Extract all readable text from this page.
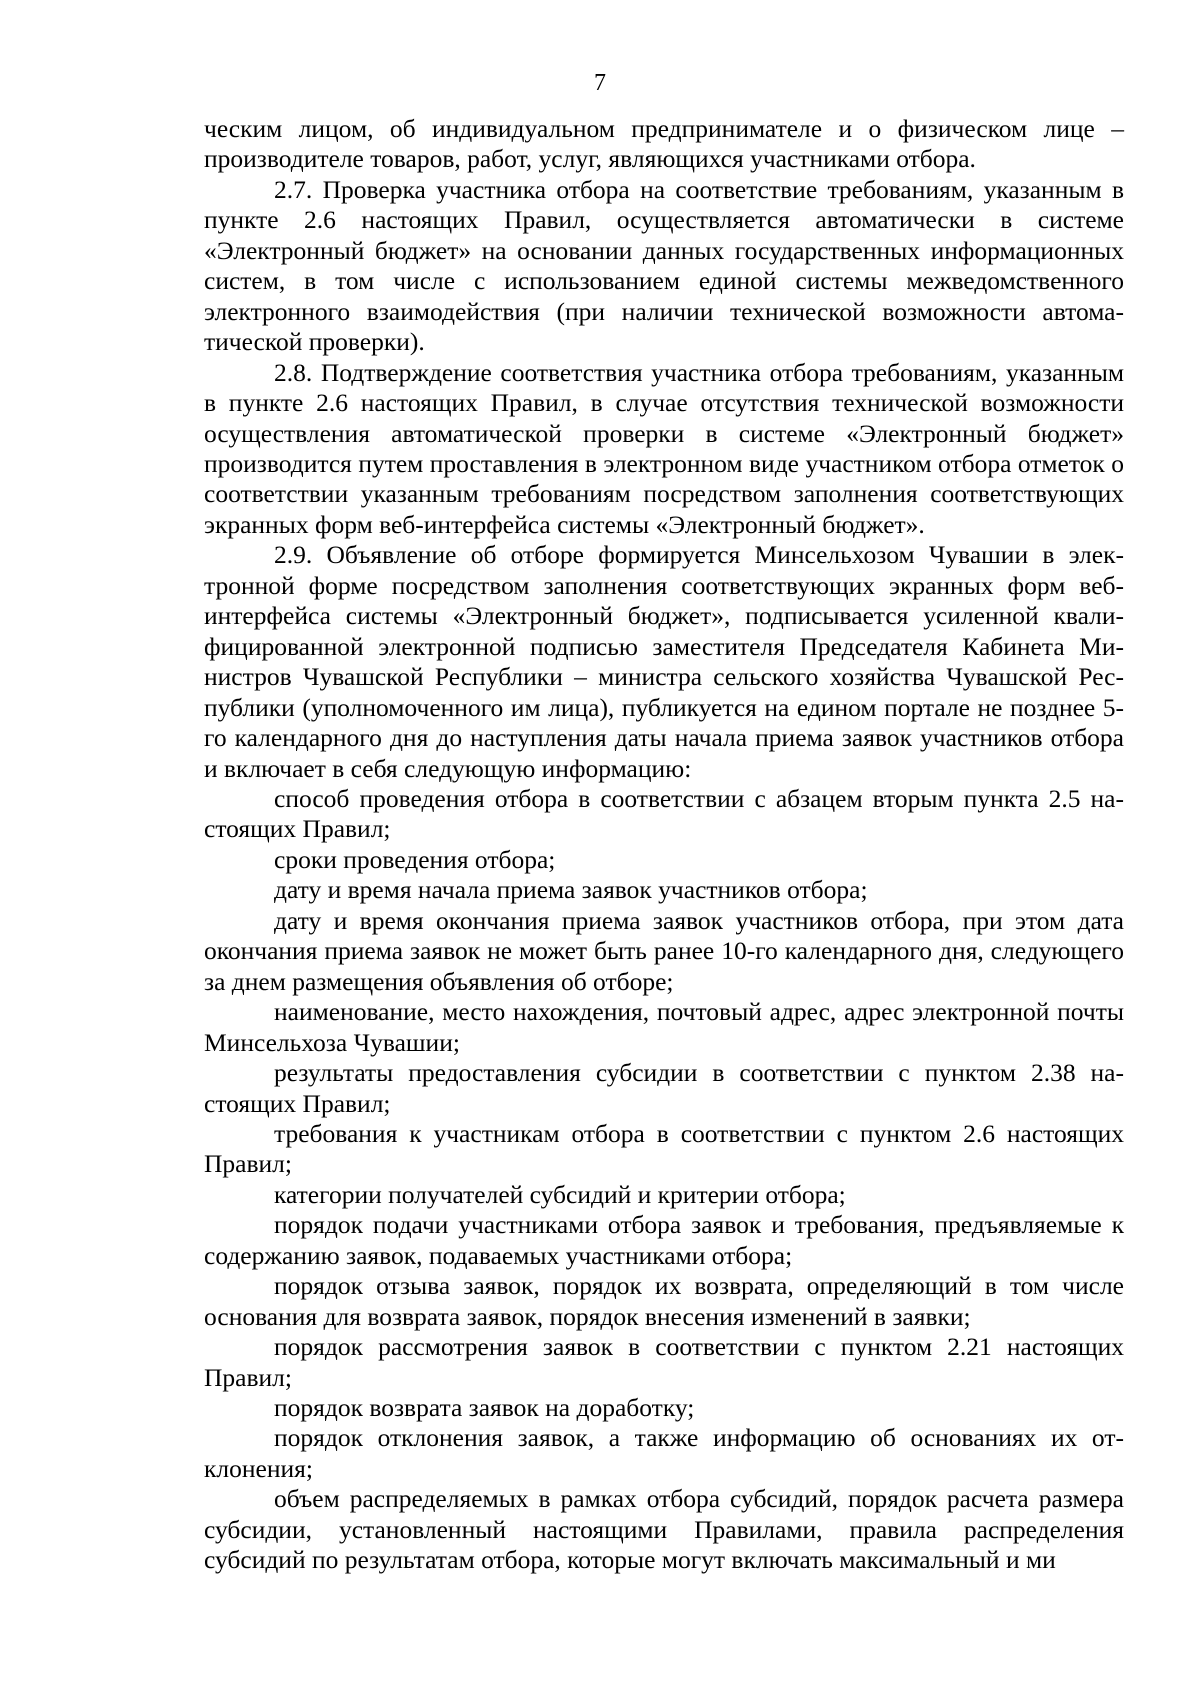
7

ческим лицом, об индивидуальном предпринимателе и о физическом лице – производителе товаров, работ, услуг, являющихся участниками отбора.

2.7. Проверка участника отбора на соответствие требованиям, указанным в пункте 2.6 настоящих Правил, осуществляется автоматически в системе «Электронный бюджет» на основании данных государственных информационных систем, в том числе с использованием единой системы межведомственного электронного взаимодействия (при наличии технической возможности автоматической проверки).

2.8. Подтверждение соответствия участника отбора требованиям, указанным в пункте 2.6 настоящих Правил, в случае отсутствия технической возможности осуществления автоматической проверки в системе «Электронный бюджет» производится путем проставления в электронном виде участником отбора отметок о соответствии указанным требованиям посредством заполнения соответствующих экранных форм веб-интерфейса системы «Электронный бюджет».

2.9. Объявление об отборе формируется Минсельхозом Чувашии в электронной форме посредством заполнения соответствующих экранных форм веб-интерфейса системы «Электронный бюджет», подписывается усиленной квалифицированной электронной подписью заместителя Председателя Кабинета Министров Чувашской Республики – министра сельского хозяйства Чувашской Республики (уполномоченного им лица), публикуется на едином портале не позднее 5-го календарного дня до наступления даты начала приема заявок участников отбора и включает в себя следующую информацию:

способ проведения отбора в соответствии с абзацем вторым пункта 2.5 настоящих Правил;

сроки проведения отбора;

дату и время начала приема заявок участников отбора;

дату и время окончания приема заявок участников отбора, при этом дата окончания приема заявок не может быть ранее 10-го календарного дня, следующего за днем размещения объявления об отборе;

наименование, место нахождения, почтовый адрес, адрес электронной почты Минсельхоза Чувашии;

результаты предоставления субсидии в соответствии с пунктом 2.38 настоящих Правил;

требования к участникам отбора в соответствии с пунктом 2.6 настоящих Правил;

категории получателей субсидий и критерии отбора;

порядок подачи участниками отбора заявок и требования, предъявляемые к содержанию заявок, подаваемых участниками отбора;

порядок отзыва заявок, порядок их возврата, определяющий в том числе основания для возврата заявок, порядок внесения изменений в заявки;

порядок рассмотрения заявок в соответствии с пунктом 2.21 настоящих Правил;

порядок возврата заявок на доработку;

порядок отклонения заявок, а также информацию об основаниях их отклонения;

объем распределяемых в рамках отбора субсидий, порядок расчета размера субсидии, установленный настоящими Правилами, правила распределения субсидий по результатам отбора, которые могут включать максимальный и ми
